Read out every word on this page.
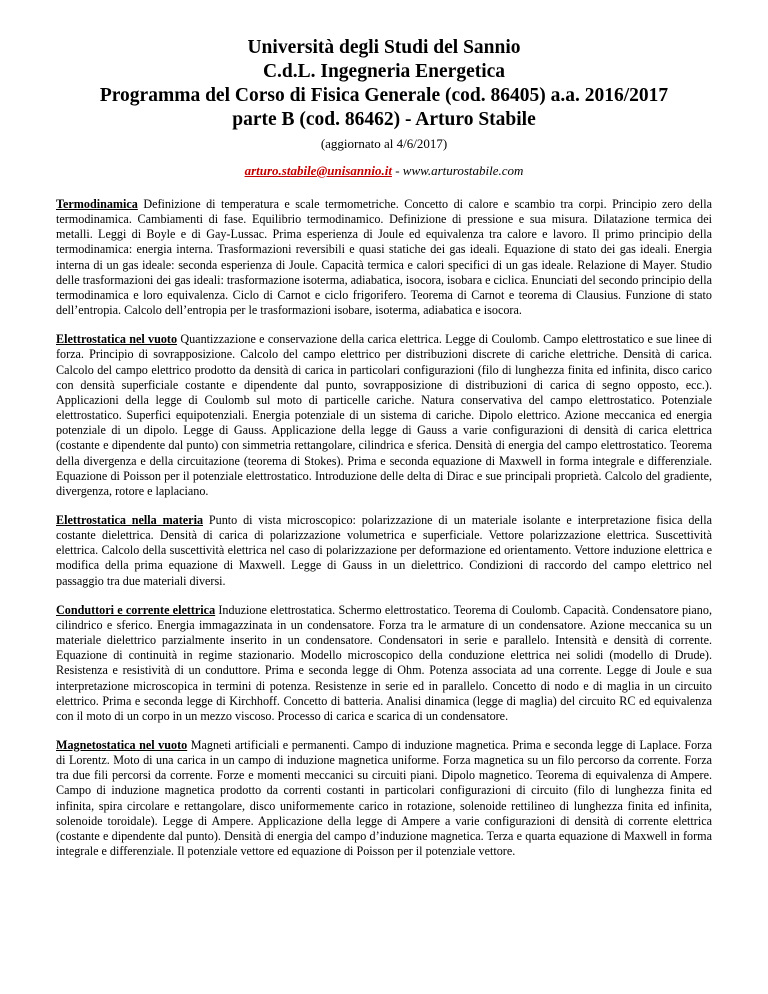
Università degli Studi del Sannio
C.d.L. Ingegneria Energetica
Programma del Corso di Fisica Generale (cod. 86405) a.a. 2016/2017
parte B (cod. 86462) - Arturo Stabile
(aggiornato al 4/6/2017)
arturo.stabile@unisannio.it - www.arturostabile.com

Termodinamica Definizione di temperatura e scale termometriche. Concetto di calore e scambio tra corpi. Principio zero della termodinamica. Cambiamenti di fase. Equilibrio termodinamico. Definizione di pressione e sua misura. Dilatazione termica dei metalli. Leggi di Boyle e di Gay-Lussac. Prima esperienza di Joule ed equivalenza tra calore e lavoro. Il primo principio della termodinamica: energia interna. Trasformazioni reversibili e quasi statiche dei gas ideali. Equazione di stato dei gas ideali. Energia interna di un gas ideale: seconda esperienza di Joule. Capacità termica e calori specifici di un gas ideale. Relazione di Mayer. Studio delle trasformazioni dei gas ideali: trasformazione isoterma, adiabatica, isocora, isobara e ciclica. Enunciati del secondo principio della termodinamica e loro equivalenza. Ciclo di Carnot e ciclo frigorifero. Teorema di Carnot e teorema di Clausius. Funzione di stato dell’entropia. Calcolo dell’entropia per le trasformazioni isobare, isoterma, adiabatica e isocora.

Elettrostatica nel vuoto Quantizzazione e conservazione della carica elettrica. Legge di Coulomb. Campo elettrostatico e sue linee di forza. Principio di sovrapposizione. Calcolo del campo elettrico per distribuzioni discrete di cariche elettriche. Densità di carica. Calcolo del campo elettrico prodotto da densità di carica in particolari configurazioni (filo di lunghezza finita ed infinita, disco carico con densità superficiale costante e dipendente dal punto, sovrapposizione di distribuzioni di carica di segno opposto, ecc.). Applicazioni della legge di Coulomb sul moto di particelle cariche. Natura conservativa del campo elettrostatico. Potenziale elettrostatico. Superfici equipotenziali. Energia potenziale di un sistema di cariche. Dipolo elettrico. Azione meccanica ed energia potenziale di un dipolo. Legge di Gauss. Applicazione della legge di Gauss a varie configurazioni di densità di carica elettrica (costante e dipendente dal punto) con simmetria rettangolare, cilindrica e sferica. Densità di energia del campo elettrostatico. Teorema della divergenza e della circuitazione (teorema di Stokes). Prima e seconda equazione di Maxwell in forma integrale e differenziale. Equazione di Poisson per il potenziale elettrostatico. Introduzione delle delta di Dirac e sue principali proprietà. Calcolo del gradiente, divergenza, rotore e laplaciano.

Elettrostatica nella materia Punto di vista microscopico: polarizzazione di un materiale isolante e interpretazione fisica della costante dielettrica. Densità di carica di polarizzazione volumetrica e superficiale. Vettore polarizzazione elettrica. Suscettività elettrica. Calcolo della suscettività elettrica nel caso di polarizzazione per deformazione ed orientamento. Vettore induzione elettrica e modifica della prima equazione di Maxwell. Legge di Gauss in un dielettrico. Condizioni di raccordo del campo elettrico nel passaggio tra due materiali diversi.

Conduttori e corrente elettrica Induzione elettrostatica. Schermo elettrostatico. Teorema di Coulomb. Capacità. Condensatore piano, cilindrico e sferico. Energia immagazzinata in un condensatore. Forza tra le armature di un condensatore. Azione meccanica su un materiale dielettrico parzialmente inserito in un condensatore. Condensatori in serie e parallelo. Intensità e densità di corrente. Equazione di continuità in regime stazionario. Modello microscopico della conduzione elettrica nei solidi (modello di Drude). Resistenza e resistività di un conduttore. Prima e seconda legge di Ohm. Potenza associata ad una corrente. Legge di Joule e sua interpretazione microscopica in termini di potenza. Resistenze in serie ed in parallelo. Concetto di nodo e di maglia in un circuito elettrico. Prima e seconda legge di Kirchhoff. Concetto di batteria. Analisi dinamica (legge di maglia) del circuito RC ed equivalenza con il moto di un corpo in un mezzo viscoso. Processo di carica e scarica di un condensatore.

Magnetostatica nel vuoto Magneti artificiali e permanenti. Campo di induzione magnetica. Prima e seconda legge di Laplace. Forza di Lorentz. Moto di una carica in un campo di induzione magnetica uniforme. Forza magnetica su un filo percorso da corrente. Forza tra due fili percorsi da corrente. Forze e momenti meccanici su circuiti piani. Dipolo magnetico. Teorema di equivalenza di Ampere. Campo di induzione magnetica prodotto da correnti costanti in particolari configurazioni di circuito (filo di lunghezza finita ed infinita, spira circolare e rettangolare, disco uniformemente carico in rotazione, solenoide rettilineo di lunghezza finita ed infinita, solenoide toroidale). Legge di Ampere. Applicazione della legge di Ampere a varie configurazioni di densità di corrente elettrica (costante e dipendente dal punto). Densità di energia del campo d’induzione magnetica. Terza e quarta equazione di Maxwell in forma integrale e differenziale. Il potenziale vettore ed equazione di Poisson per il potenziale vettore.
